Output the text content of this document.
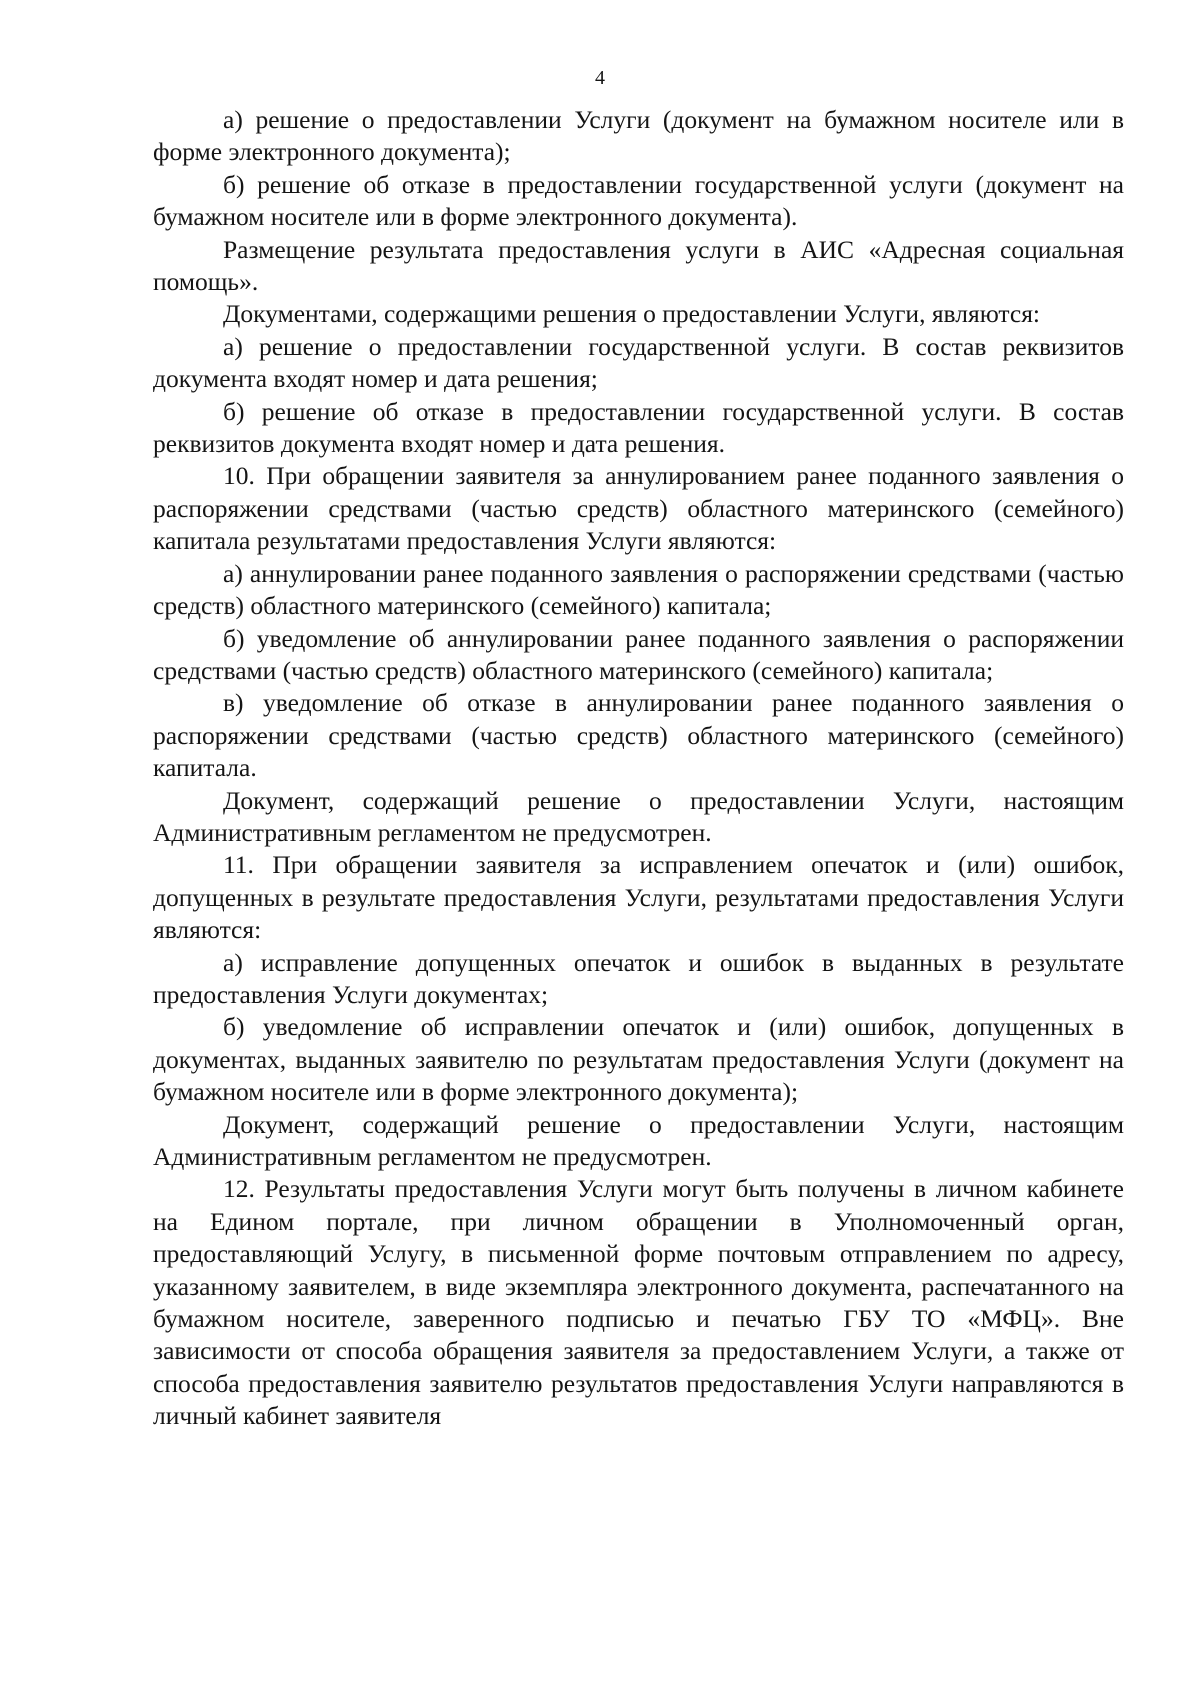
4

а) решение о предоставлении Услуги (документ на бумажном носителе или в форме электронного документа);

б) решение об отказе в предоставлении государственной услуги (документ на бумажном носителе или в форме электронного документа).

Размещение результата предоставления услуги в АИС «Адресная социальная помощь».

Документами, содержащими решения о предоставлении Услуги, являются:

а) решение о предоставлении государственной услуги. В состав реквизитов документа входят номер и дата решения;

б) решение об отказе в предоставлении государственной услуги. В состав реквизитов документа входят номер и дата решения.

10. При обращении заявителя за аннулированием ранее поданного заявления о распоряжении средствами (частью средств) областного материнского (семейного) капитала результатами предоставления Услуги являются:

а) аннулировании ранее поданного заявления о распоряжении средствами (частью средств) областного материнского (семейного) капитала;

б) уведомление об аннулировании ранее поданного заявления о распоряжении средствами (частью средств) областного материнского (семейного) капитала;

в) уведомление об отказе в аннулировании ранее поданного заявления о распоряжении средствами (частью средств) областного материнского (семейного) капитала.

Документ, содержащий решение о предоставлении Услуги, настоящим Административным регламентом не предусмотрен.

11. При обращении заявителя за исправлением опечаток и (или) ошибок, допущенных в результате предоставления Услуги, результатами предоставления Услуги являются:

а) исправление допущенных опечаток и ошибок в выданных в результате предоставления Услуги документах;

б) уведомление об исправлении опечаток и (или) ошибок, допущенных в документах, выданных заявителю по результатам предоставления Услуги (документ на бумажном носителе или в форме электронного документа);

Документ, содержащий решение о предоставлении Услуги, настоящим Административным регламентом не предусмотрен.

12. Результаты предоставления Услуги могут быть получены в личном кабинете на Едином портале, при личном обращении в Уполномоченный орган, предоставляющий Услугу, в письменной форме почтовым отправлением по адресу, указанному заявителем, в виде экземпляра электронного документа, распечатанного на бумажном носителе, заверенного подписью и печатью ГБУ ТО «МФЦ». Вне зависимости от способа обращения заявителя за предоставлением Услуги, а также от способа предоставления заявителю результатов предоставления Услуги направляются в личный кабинет заявителя
